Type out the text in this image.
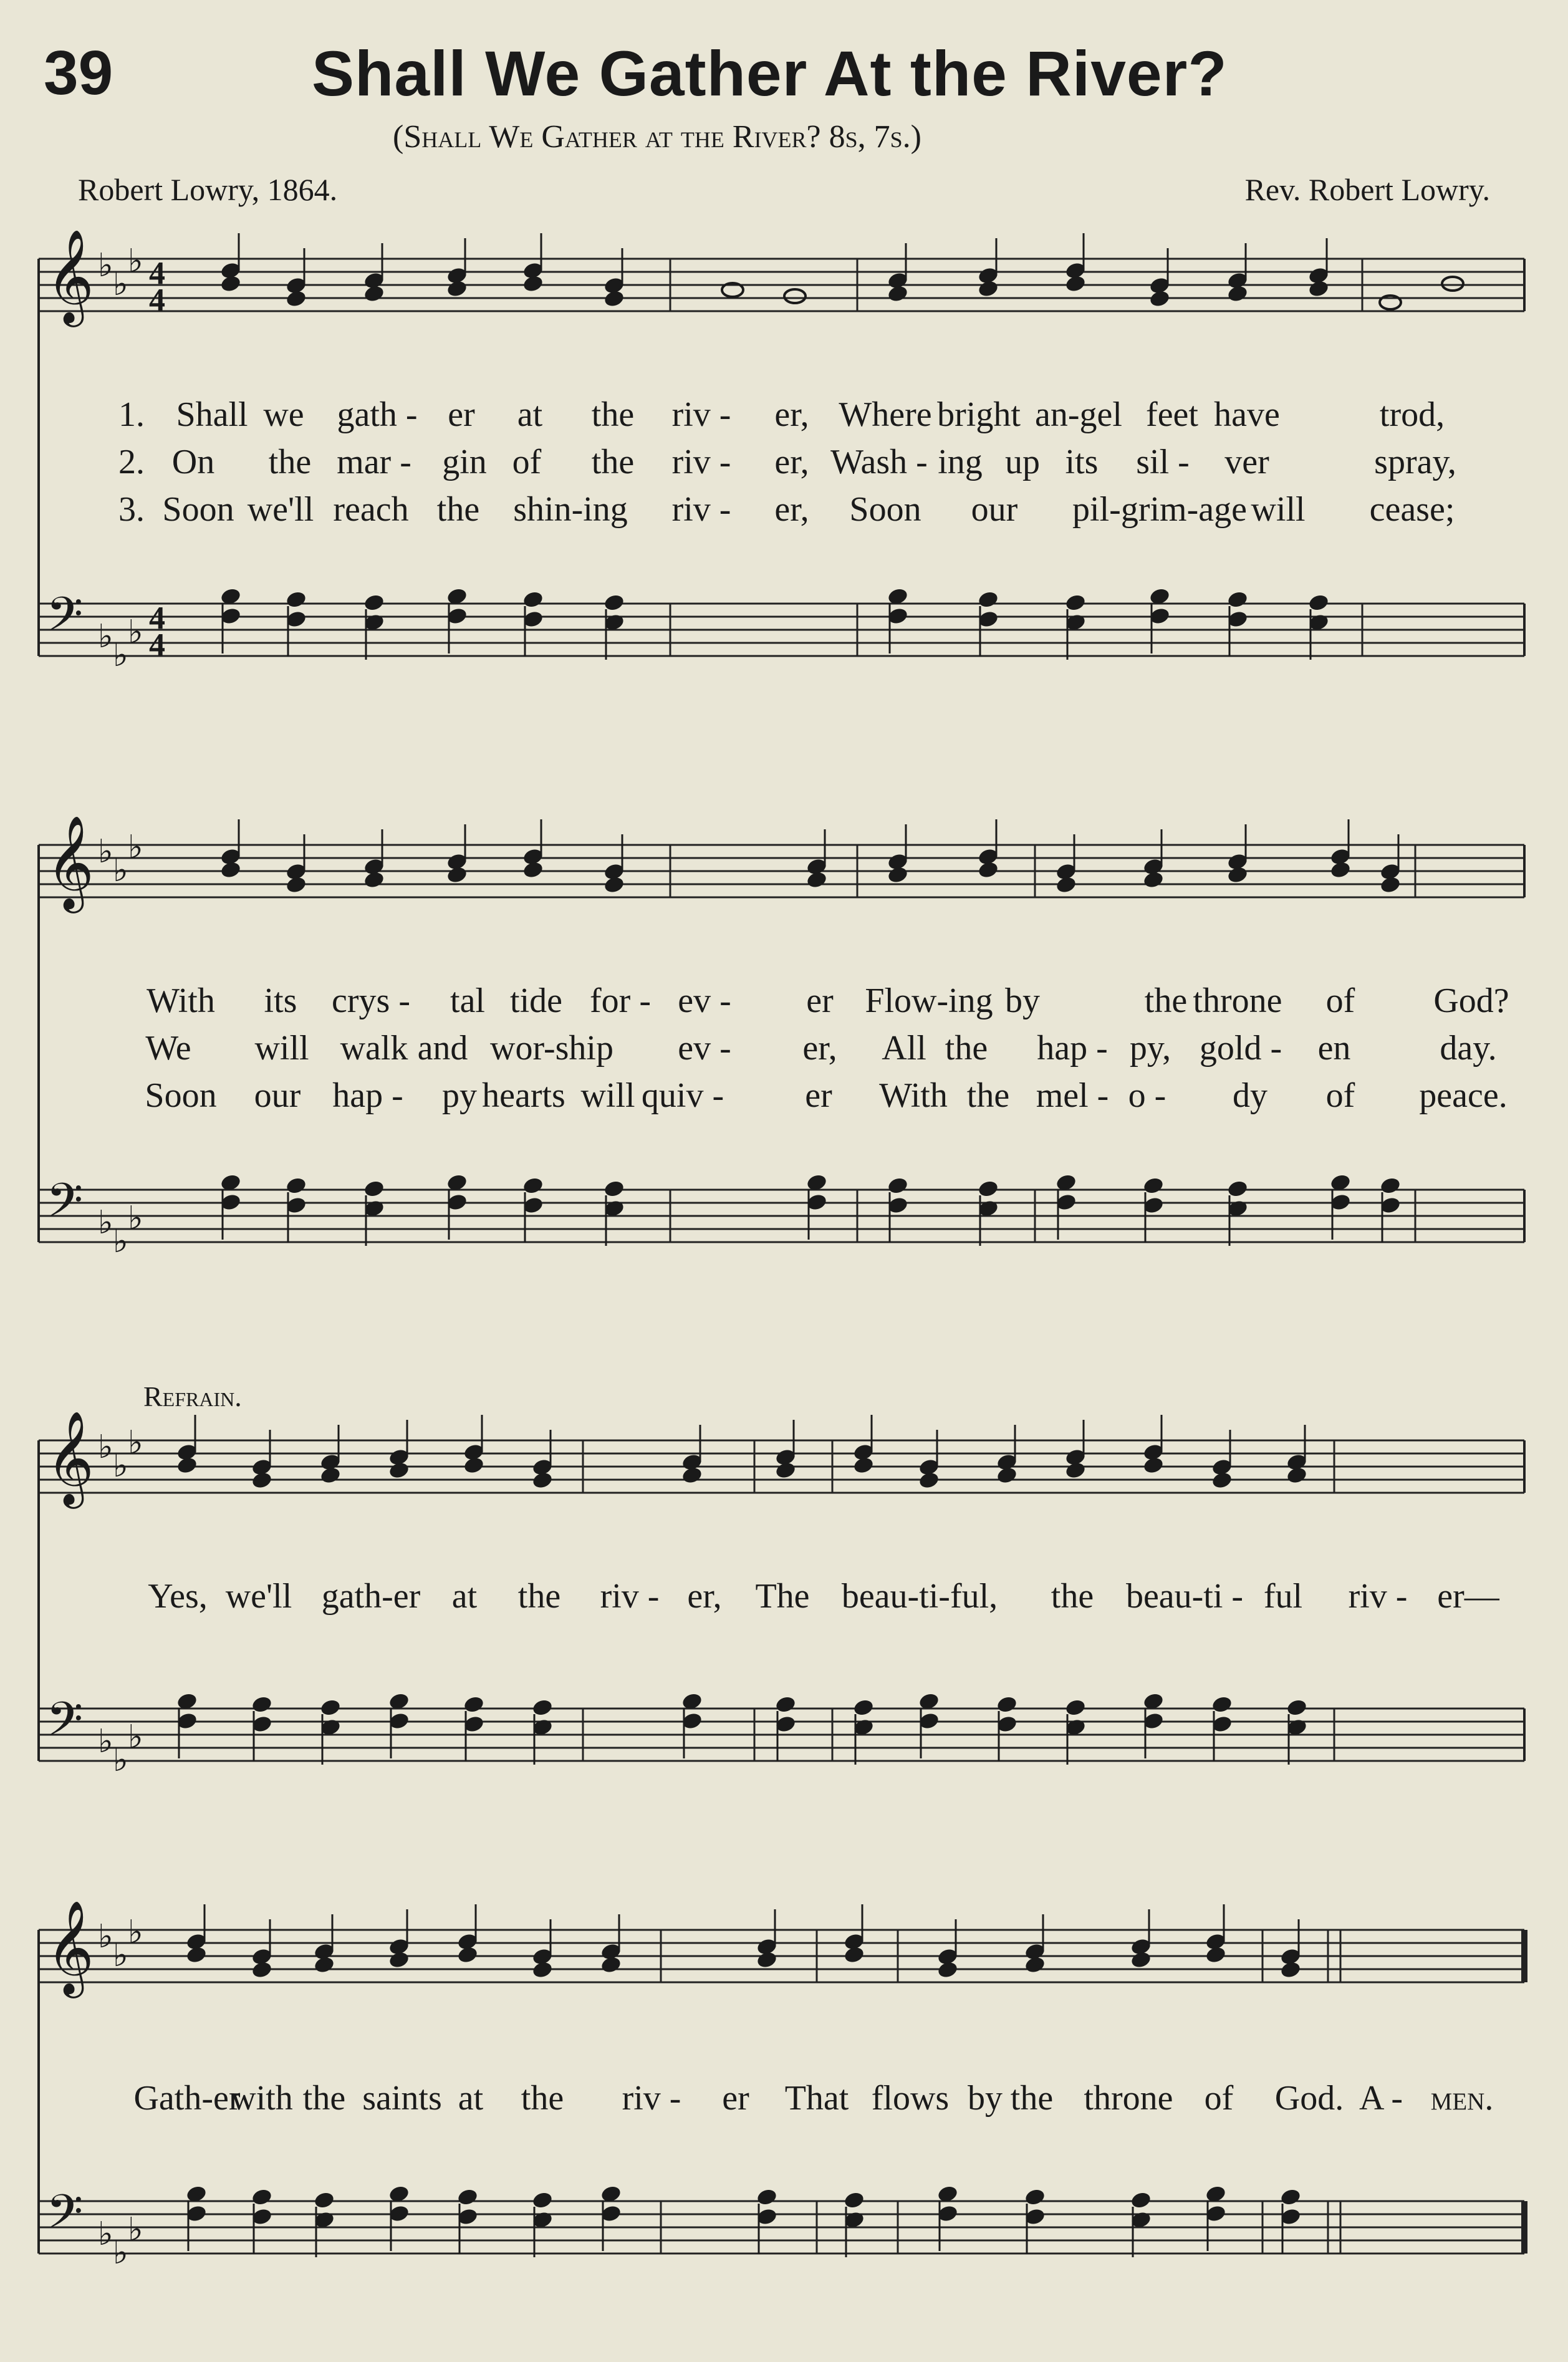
39	Shall We Gather At the River?
(Shall We Gather at the River? 8s, 7s.)
Robert Lowry, 1864.	Rev. Robert Lowry.
Refrain.
𝄞 ♭ ♭
♭ 4
4
𝄢 ♭ ♭
♭ 4
4
𝄞 ♭ ♭
♭
𝄢 ♭ ♭
♭
𝄞 ♭ ♭
♭
𝄢 ♭ ♭
♭
𝄞 ♭ ♭
♭
𝄢 ♭ ♭
♭
1. Shall we gath - er at the riv - er, Where bright an-gel feet have	trod,
2. On the mar - gin of the riv - er, Wash - ing up its sil - ver	spray,
3. Soon we'll reach the shin-ing riv - er, Soon our pil-grim-age will cease;
With its crys - tal tide for - ev - er Flow-ing by	the throne of God?
We will walk and wor-ship ev - er, All the hap - py, gold - en	day.
Soon our hap - py hearts will quiv - er With the mel - o - dy of peace.
Yes, we'll gath-er at the riv - er, The beau-ti-ful, the beau-ti - ful riv - er—
Gath-er
with the saints at the riv - er That flows by the throne of God. A - men.
